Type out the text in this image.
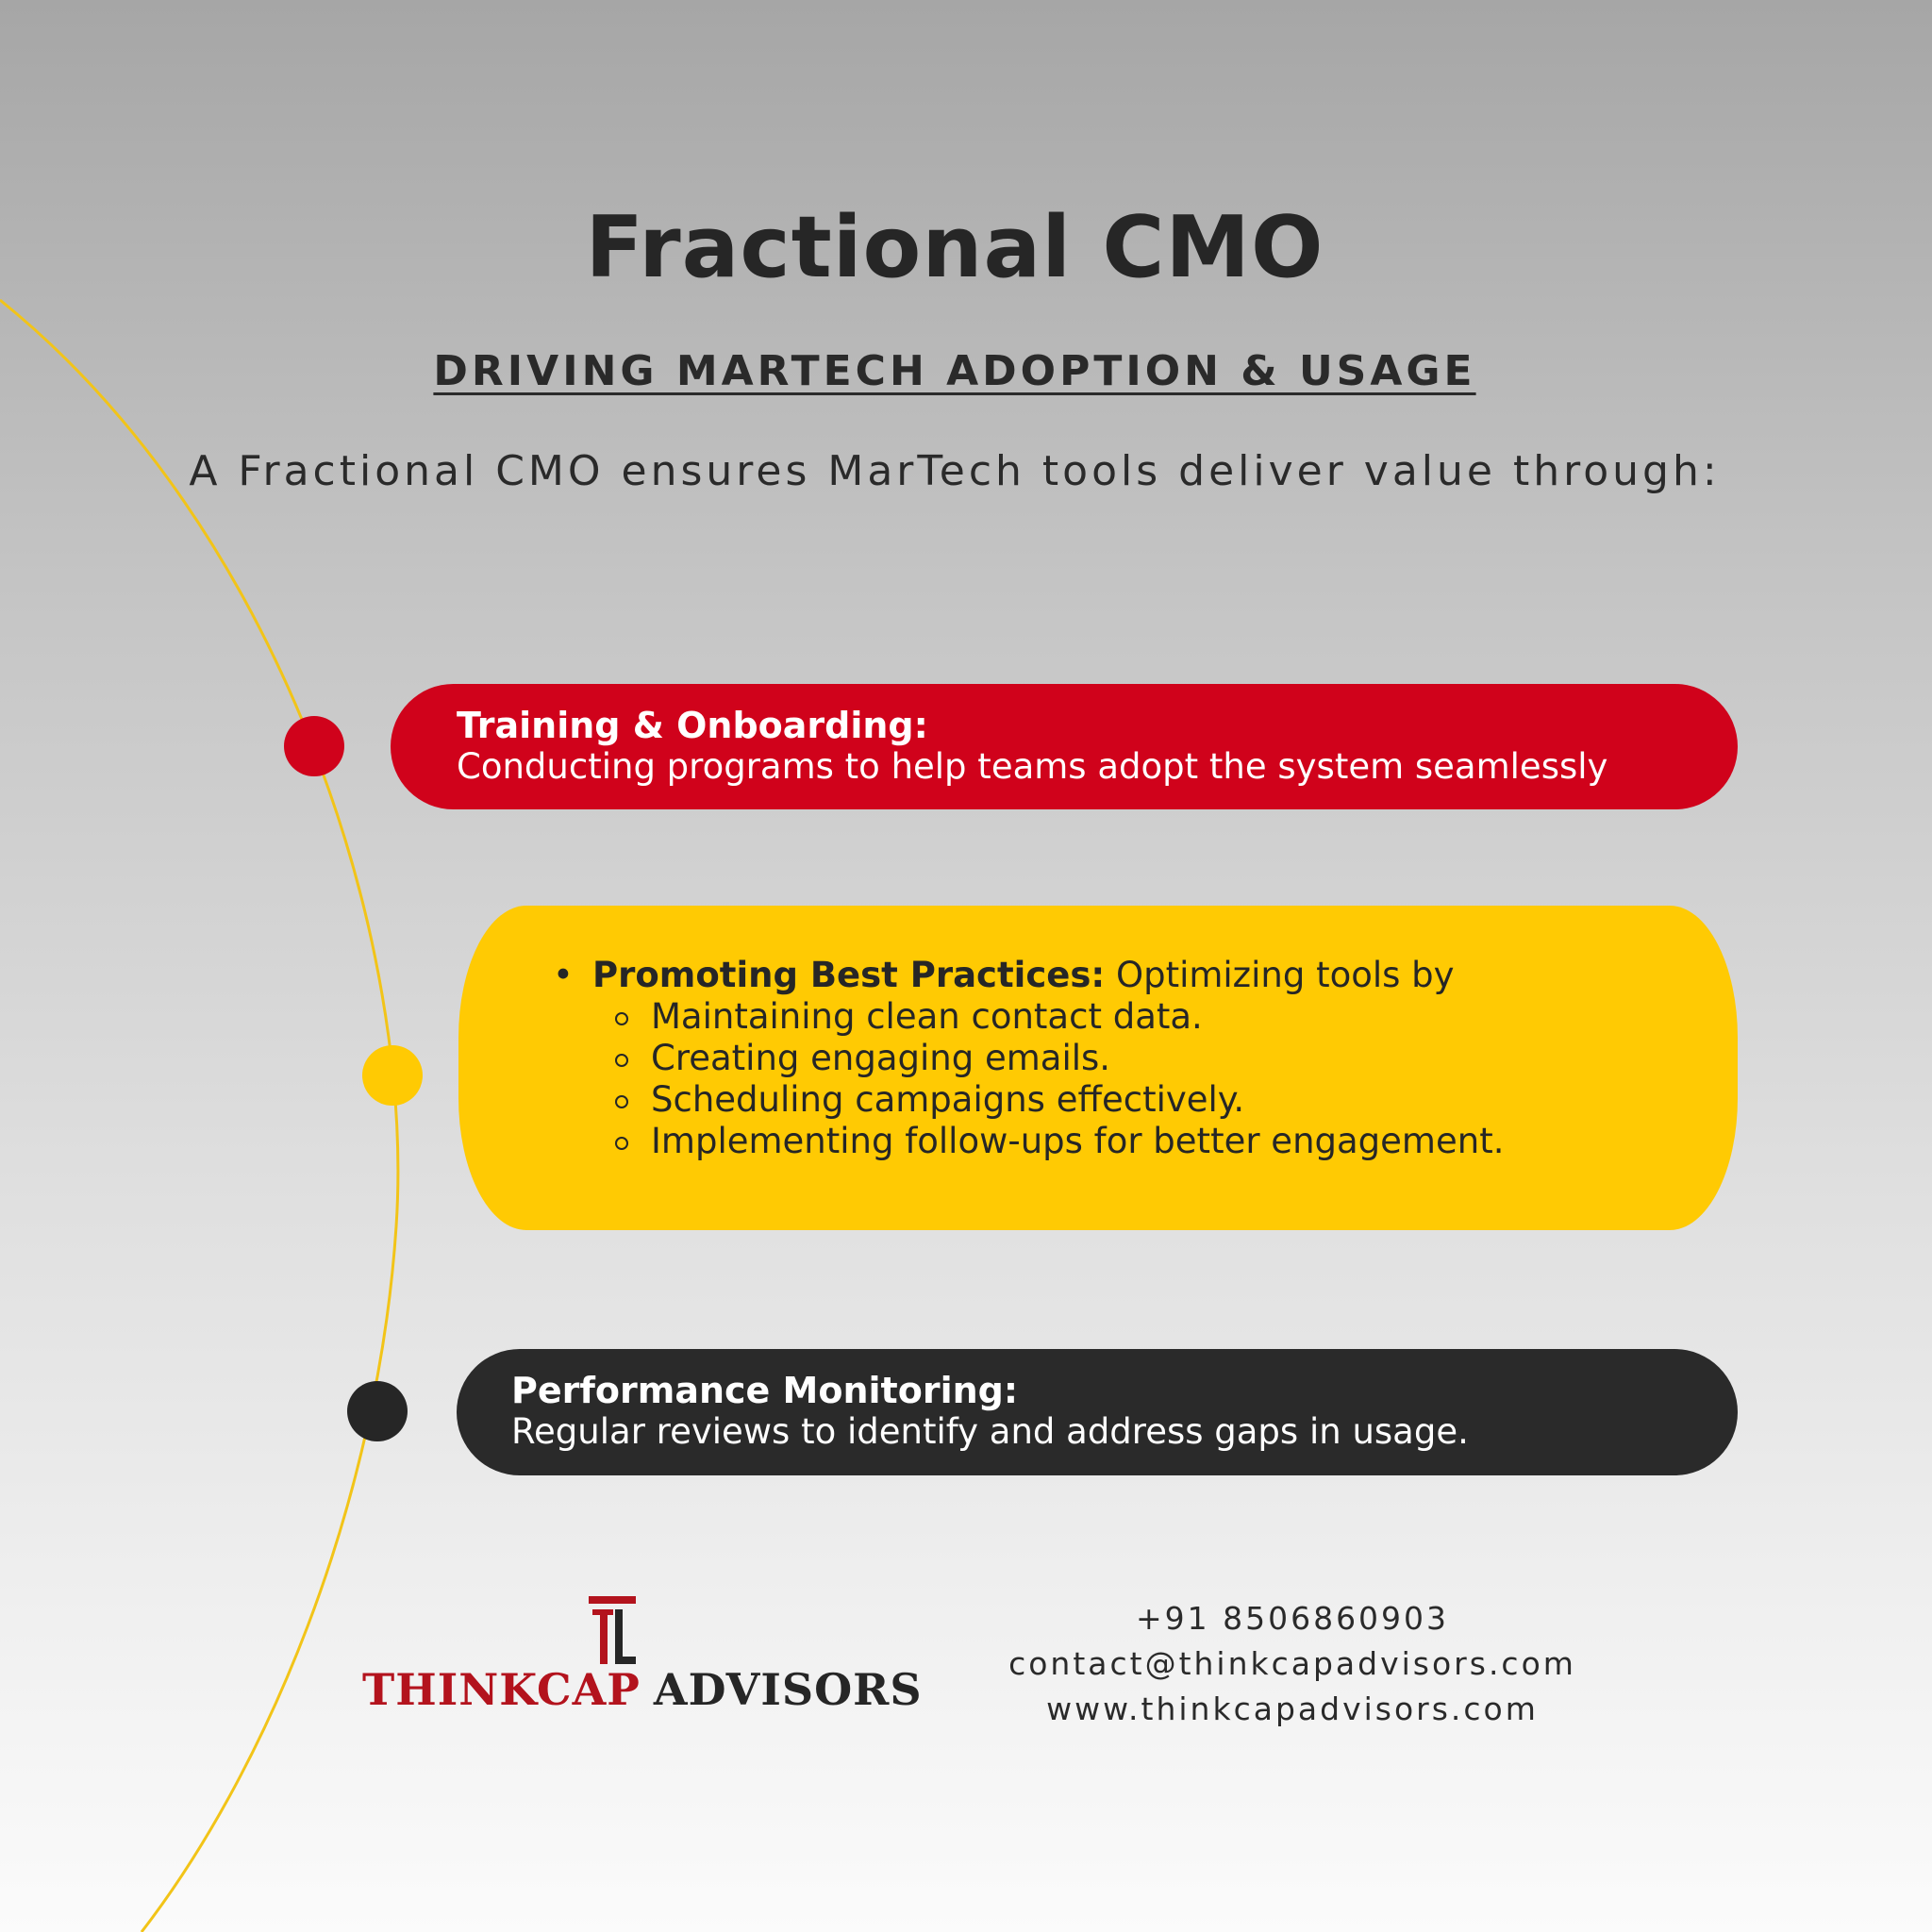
Fractional CMO
DRIVING MARTECH ADOPTION & USAGE
A Fractional CMO ensures MarTech tools deliver value through:
Training & Onboarding:
Conducting programs to help teams adopt the system seamlessly
• Promoting Best Practices: Optimizing tools by
Maintaining clean contact data.
Creating engaging emails.
Scheduling campaigns effectively.
Implementing follow-ups for better engagement.
Performance Monitoring:
Regular reviews to identify and address gaps in usage.
THINKCAP ADVISORS
+91 8506860903
contact@thinkcapadvisors.com
www.thinkcapadvisors.com
